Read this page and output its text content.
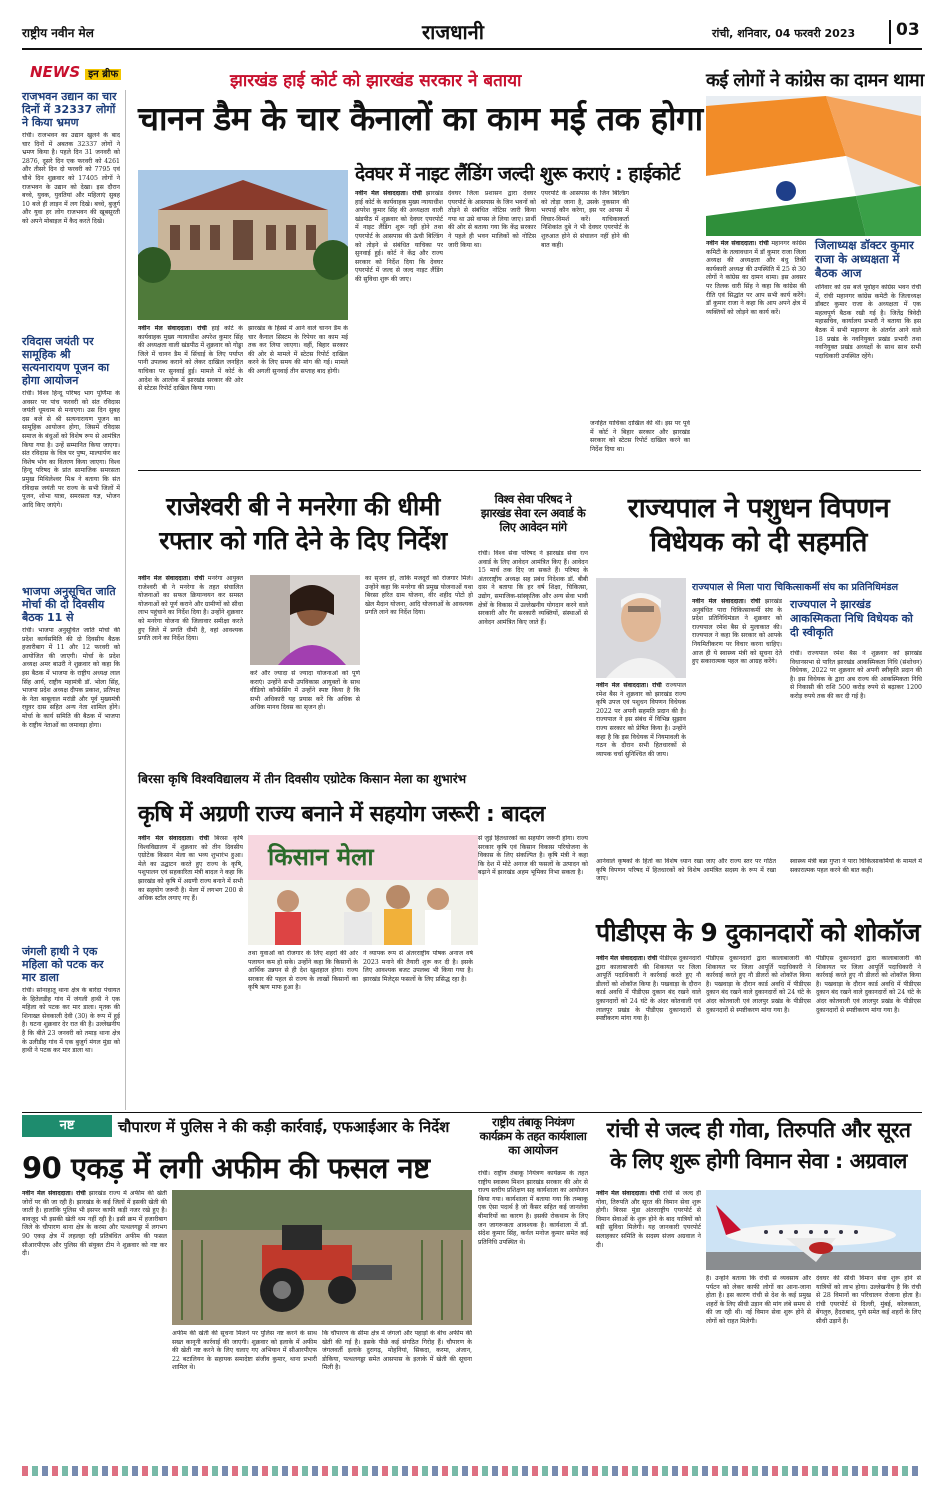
राष्ट्रीय नवीन मेल	राजधानी	रांची, शनिवार, 04 फरवरी 2023 03
NEWS इन ब्रीफ
राजभवन उद्यान का चार दिनों में 32337 लोगों ने किया भ्रमण
रांची। राजभवन का उद्यान खुलने के बाद चार दिनों में अबतक 32337 लोगों ने भ्रमण किया है। पहले दिन 31 जनवरी को 2876, दूसरे दिन एक फरवरी को 4261 और तीसरे दिन दो फरवरी को 7795 एवं चौथे दिन शुक्रवार को 17405 लोगों ने राजभवन के उद्यान को देखा। इस दौरान बच्चे, युवक, युवतियां और महिलाएं सुबह 10 बजे ही लाइन में लग दिखे। बच्चे, बुजुर्ग और युवा हर लोग राजभवन की खूबसूरती को अपने मोबाइल में कैद करते दिखे।
रविदास जयंती पर सामूहिक श्री सत्यनारायण पूजन का होगा आयोजन
रांची। विश्व हिन्दू परिषद भाग पूर्णिमा के अवसर पर पांच फरवरी को संत रविदास जयंती धूमधाम से मनाएगा। उस दिन सुबह दस बजे से श्री सत्यनारायण पूजन का सामूहिक आयोजन होगा, जिसमें रविदास समाज के बंधुओं को विशेष रूप से आमंत्रित किया गया है। उन्हें सम्मानित किया जाएगा। संत रविदास के चित्र पर पुष्प, माल्यार्पण कर विशेष भोग का वितरण किया जाएगा। विश्व हिन्दू परिषद के प्रांत सामाजिक समरसता प्रमुख मिथिलेश्वर मिश्र ने बताया कि संत रविदास जयंती पर राज्य के सभी जिलों में पूजन, शोभा यात्रा, समरसता यज्ञ, भोजन आदि किए जाएंगे।
भाजपा अनुसूचित जाति मोर्चा की दो दिवसीय बैठक 11 से
रांची। भाजपा अनुसूचित जाति मोर्चा की प्रदेश कार्यसमिति की दो दिवसीय बैठक हजारीबाग में 11 और 12 फरवरी को आयोजित की जाएगी। मोर्चा के प्रदेश अध्यक्ष अमर बाउरी ने शुक्रवार को कहा कि इस बैठक में भाजपा के राष्ट्रीय अध्यक्ष लाल सिंह आर्य, राष्ट्रीय महामंत्री डॉ. भोला सिंह, भाजपा प्रदेश अध्यक्ष दीपक प्रकाश, प्रतिपक्ष के नेता बाबूलाल मरांडी और पूर्व मुख्यमंत्री रघुवर दास सहित अन्य नेता शामिल होंगे। मोर्चा के कार्य समिति की बैठक में भाजपा के राष्ट्रीय नेताओं का जमावड़ा होगा।
जंगली हाथी ने एक महिला को पटक कर मार डाला
रांची। सोनाहातू थाना क्षेत्र के बारेंदा पंचायत के हितेलडीह गांव में जंगली हाथी ने एक महिला को पटक कर मार डाला। मृतक की शिनाख्त सेवकाली देवी (30) के रूप में हुई है। घटना शुक्रवार देर रात की है। उल्लेखनीय है कि बीते 23 जनवरी को तमाड़ थाना क्षेत्र के उलीडीह गांव में एक बुजुर्ग मंगल मुंडा को हाथी ने पटक कर मार डाला था।
झारखंड हाई कोर्ट को झारखंड सरकार ने बताया
चानन डैम के चार कैनालों का काम मई तक होगा
नवीन मेल संवाददाता। रांची हाई कोर्ट के कार्यवाहक मुख्य न्यायाधीश अपरेश कुमार सिंह की अध्यक्षता वाली खंडपीठ में शुक्रवार को गोड्डा जिले में चानन डैम में सिंचाई के लिए पर्याप्त पानी उपलब्ध कराने को लेकर दाखिल जनहित याचिका पर सुनवाई हुई। मामले में कोर्ट के आदेश के आलोक में झारखंड सरकार की ओर से स्टेटस रिपोर्ट दाखिल किया गया।
झारखंड के हिस्से में आने वाले चानन डैम के चार कैनाल सिस्टम के रिपेयर का काम मई तक कर लिया जाएगा। वहीं, बिहार सरकार की ओर से मामले में स्टेटस रिपोर्ट दाखिल करने के लिए समय की मांग की गई। मामले की अगली सुनवाई तीन सप्ताह बाद होगी।
देवघर में नाइट लैंडिंग जल्दी शुरू कराएं : हाईकोर्ट
नवीन मेल संवाददाता। रांची झारखंड हाई कोर्ट के कार्यवाहक मुख्य न्यायाधीश अपरेश कुमार सिंह की अध्यक्षता वाली खंडपीठ में शुक्रवार को देवघर एयरपोर्ट में नाइट लैंडिंग शुरू नहीं होने तथा एयरपोर्ट के आसपास की ऊंची बिल्डिंग को तोड़ने से संबंधित याचिका पर सुनवाई हुई। कोर्ट ने केंद्र और राज्य सरकार को निर्देश दिया कि देवघर एयरपोर्ट में जल्द से जल्द नाइट लैंडिंग की सुविधा शुरू की जाए।
देवघर जिला प्रशासन द्वारा देवघर एयरपोर्ट के आसपास के जिन भवनों को तोड़ने से संबंधित नोटिस जारी किया गया था उसे वापस ले लिया जाए। प्रार्थी की ओर से बताया गया कि केंद्र सरकार ने पहले ही भवन मालिकों को नोटिस जारी किया था।
एयरपोर्ट के आसपास के जिन बिल्डिंग को तोड़ा जाना है, उसके नुकसान की भरपाई कौन करेगा, इस पर आपस में विचार-विमर्श करें। याचिकाकर्ता निशिकांत दुबे ने भी देवघर एयरपोर्ट के शुरुआत होने से संचालन नहीं होने की बात कही।
जनहित याचिका दाखिल की थी। इस पर पूर्व में कोर्ट ने बिहार सरकार और झारखंड सरकार को स्टेटस रिपोर्ट दाखिल करने का निर्देश दिया था।
कई लोगों ने कांग्रेस का दामन थामा
नवीन मेल संवाददाता। रांची महानगर कांग्रेस कमिटी के तत्वावधान में डॉ कुमार राजा जिला अध्यक्ष की अध्यक्षता और बंधु तिर्की कार्यकारी अध्यक्ष की उपस्थिति में 25 से 30 लोगों ने कांग्रेस का दामन थामा। इस अवसर पर तिलक धारी सिंह ने कहा कि कांग्रेस की रीति एवं सिद्धांत पर आप सभी कार्य करेंगे। डॉ कुमार राजा ने कहा कि आप अपने क्षेत्र में व्यक्तियों को जोड़ने का कार्य करें।
जिलाध्यक्ष डॉक्टर कुमार राजा के अध्यक्षता में बैठक आज
शनिवार को दस बजे पूर्वाहन कांग्रेस भवन रांची में, रांची महानगर कांग्रेस कमेटी के जिलाध्यक्ष डॉक्टर कुमार राजा के अध्यक्षता में एक महत्वपूर्ण बैठक रखी गई है। जितेंद्र त्रिवेदी महासचिव, कार्यालय प्रभारी ने बताया कि इस बैठक में सभी महानगर के अंतर्गत आने वाले 18 प्रखंड के नवनियुक्त प्रखंड प्रभारी तथा नवनियुक्त प्रखंड अध्यक्षों के साथ साथ सभी पदाधिकारी उपस्थित रहेंगे।
राजेश्वरी बी ने मनरेगा की धीमी रफ्तार को गति देने के दिए निर्देश
नवीन मेल संवाददाता। रांची मनरेगा आयुक्त राजेश्वरी बी ने मनरेगा के तहत संचालित योजनाओं का सफल क्रियान्वयन कर समस्त योजनाओं को पूर्ण कराने और ग्रामीणों को सीधा लाभ पहुंचाने का निर्देश दिया है। उन्होंने शुक्रवार को मनरेगा योजना की जिलावार समीक्षा करते हुए जिले में प्रगति धीमी है, वहां आवश्यक प्रगति लाने का निर्देश दिया।
करें और ज्यादा से ज्यादा योजनाओं को पूर्ण कराएं। उन्होंने सभी उपविकास आयुक्तों के साथ वीडियो कॉन्फ्रेंसिंग में उन्होंने स्पष्ट किया है कि सभी अधिकारी यह प्रयास करें कि अधिक से अधिक मानव दिवस का सृजन हो।
का सृजन हो, ताकि मजदूरों को रोजगार मिले। उन्होंने कहा कि मनरेगा की प्रमुख योजनाओं यथा बिरसा हरित ग्राम योजना, वीर शहीद पोटो हो खेल मैदान योजना, आदि योजनाओं के आवश्यक प्रगति लाने का निर्देश दिया।
विश्व सेवा परिषद ने झारखंड सेवा रत्न अवार्ड के लिए आवेदन मांगे
रांची। विश्व सेवा परिषद ने झारखंड सेवा रत्न अवार्ड के लिए आवेदन आमंत्रित किए हैं। आवेदन 15 मार्च तक दिए जा सकते हैं। परिषद के अंतरराष्ट्रीय अध्यक्ष सह प्रबंध निदेशक डॉ. बीबी दास ने बताया कि हर वर्ष शिक्षा, चिकित्सा, उद्योग, समाजिक-सांस्कृतिक और अन्य सेवा भावी क्षेत्रों के विकास में उल्लेखनीय योगदान करने वाले सरकारी और गैर सरकारी व्यक्तियों, संस्थाओं से आवेदन आमंत्रित किए जाते हैं।
राज्यपाल ने पशुधन विपणन विधेयक को दी सहमति
नवीन मेल संवाददाता। रांची राज्यपाल रमेश बैस ने शुक्रवार को झारखंड राज्य कृषि उपज एवं पशुधन विपणन विधेयक 2022 पर अपनी सहमति प्रदान की है। राज्यपाल ने इस संबंध में विभिन्न सुझाव राज्य सरकार को प्रेषित किया है। उन्होंने कहा है कि इस विधेयक में नियमावली के गठन के दौरान सभी हितधारकों से व्यापक चर्चा सुनिश्चित की जाय।
आनेवाले कृषकों के हितों का विशेष ध्यान रखा जाए और राज्य स्तर पर गठित कृषि विपणन परिषद में हितधारकों को विशेष आमंत्रित सदस्य के रूप में रखा जाए।
राज्यपाल से मिला पारा चिकित्साकर्मी संघ का प्रतिनिधिमंडल
नवीन मेल संवाददाता। रांची झारखंड अनुबंधित पारा चिकित्साकर्मी संघ के प्रदेश प्रतिनिधिमंडल ने शुक्रवार को राज्यपाल रमेश बैस से मुलाकात की। राज्यपाल ने कहा कि सरकार को आपके नियमितीकरण पर विचार करना चाहिए। आज ही ये स्वास्थ्य मंत्री को सूचना देते हुए सकारात्मक पहल का आग्रह करेंगे।
राज्यपाल ने झारखंड आकस्मिकता निधि विधेयक को दी स्वीकृति
रांची। राज्यपाल रमेश बैस ने शुक्रवार को झारखंड विधानसभा से पारित झारखंड आकस्मिकता निधि (संशोधन) विधेयक, 2022 पर शुक्रवार को अपनी स्वीकृति प्रदान की है। इस विधेयक के द्वारा अब राज्य की आकस्मिकता निधि से निकासी की राशि 500 करोड़ रुपये से बढ़ाकर 1200 करोड़ रुपये तक की कर दी गई है।
स्वास्थ्य मंत्री बन्ना गुप्ता ने पारा चिकित्साकर्मियों के मामले में सकारात्मक पहल करने की बात कही।
बिरसा कृषि विश्वविद्यालय में तीन दिवसीय एग्रोटेक किसान मेला का शुभारंभ
कृषि में अग्रणी राज्य बनाने में सहयोग जरूरी : बादल
नवीन मेल संवाददाता। रांची बिरसा कृषि विश्वविद्यालय में शुक्रवार को तीन दिवसीय एग्रोटेक किसान मेला का भव्य शुभारंभ हुआ। मेले का उद्घाटन करते हुए राज्य के कृषि, पशुपालन एवं सहकारिता मंत्री बादल ने कहा कि झारखंड को कृषि में अग्रणी राज्य बनाने में सभी का सहयोग जरूरी है। मेला में लगभग 200 से अधिक स्टॉल लगाए गए हैं।
किसान मेला
तथा युवाओं को रोजगार के लिए शहरों की ओर पलायन कम हो सके। उन्होंने कहा कि किसानों के आर्थिक उन्नयन से ही देश खुशहाल होगा। राज्य सरकार की पहल से राज्य के लाखों किसानों का कृषि ऋण माफ हुआ है।
ने व्यापक रूप से अंतरराष्ट्रीय पोषक अनाज वर्ष 2023 मनाने की तैयारी शुरू कर दी है। इसके लिए आवश्यक बजट उपलब्ध भी किया गया है। झारखंड मिलेट्स फसलों के लिए प्रसिद्ध रहा है।
से जुड़े हितधारकों का सहयोग जरूरी होगा। राज्य सरकार कृषि एवं किसान विकास परियोजना के विकास के लिए संकल्पित है। कृषि मंत्री ने कहा कि देश में मोटे अनाज की फसलों के उत्पादन को बढ़ाने में झारखंड अहम भूमिका निभा सकता है।
पीडीएस के 9 दुकानदारों को शोकॉज
नवीन मेल संवाददाता। रांची पीडीएस दुकानदारों द्वारा कालाबाजारी की शिकायत पर जिला आपूर्ति पदाधिकारी ने कार्रवाई करते हुए नौ डीलरों को शोकॉज किया है। पखवाड़ा के दौरान कार्ड अवधि में पीडीएस दुकान बंद रखने वाले दुकानदारों को 24 घंटे के अंदर कोतवाली एवं लालपुर प्रखंड के पीडीएस दुकानदारों से स्पष्टीकरण मांगा गया है।
पीडीएस दुकानदारों द्वारा कालाबाजारी की शिकायत पर जिला आपूर्ति पदाधिकारी ने कार्रवाई करते हुए नौ डीलरों को शोकॉज किया है। पखवाड़ा के दौरान कार्ड अवधि में पीडीएस दुकान बंद रखने वाले दुकानदारों को 24 घंटे के अंदर कोतवाली एवं लालपुर प्रखंड के पीडीएस दुकानदारों से स्पष्टीकरण मांगा गया है।
पीडीएस दुकानदारों द्वारा कालाबाजारी की शिकायत पर जिला आपूर्ति पदाधिकारी ने कार्रवाई करते हुए नौ डीलरों को शोकॉज किया है। पखवाड़ा के दौरान कार्ड अवधि में पीडीएस दुकान बंद रखने वाले दुकानदारों को 24 घंटे के अंदर कोतवाली एवं लालपुर प्रखंड के पीडीएस दुकानदारों से स्पष्टीकरण मांगा गया है।
नष्ट	चौपारण में पुलिस ने की कड़ी कार्रवाई, एफआईआर के निर्देश
90 एकड़ में लगी अफीम की फसल नष्ट
नवीन मेल संवाददाता। रांची झारखंड राज्य में अफीम की खेती जोरों पर की जा रही है। झारखंड के कई जिलों में इसकी खेती की जाती है। हालांकि पुलिस भी इसपर काफी कड़ी नजर रखे हुए है। बावजूद भी इसकी खेती थम नहीं रही है। इसी क्रम में हजारीबाग जिले के चौपारण थाना क्षेत्र के करमा और पत्थलगड्डा में लगभग 90 एकड़ क्षेत्र में लहलहा रही प्रतिबंधित अफीम की फसल सीआरपीएफ और पुलिस की संयुक्त टीम ने शुक्रवार को नष्ट कर दी।
अफीम की खेती की सूचना मिलने पर पुलिस नष्ट करने के साथ सख्त कानूनी कार्रवाई की जाएगी। शुक्रवार को इलाके में अफीम की खेती नष्ट करने के लिए चलाए गए अभियान में सीआरपीएफ 22 बटालियन के सहायक समादेष्टा संजीव कुमार, थाना प्रभारी शामिल थे।
कि चौपारण के सीमा क्षेत्र में जंगलों और पहाड़ों के बीच अफीम की खेती की गई है। इसके पीछे कई संगठित गिरोह हैं। चौपारण के जंगलवर्ती इलाके दुरागढ़, मोहनियां, सिकदा, करमा, अंजान, डोकिया, पत्थलगड्डा समेत आसपास के इलाके में खेती की सूचना मिली है।
राष्ट्रीय तंबाकू नियंत्रण कार्यक्रम के तहत कार्यशाला का आयोजन
रांची। राष्ट्रीय तंबाकू नियंत्रण कार्यक्रम के तहत राष्ट्रीय स्वास्थ्य मिशन झारखंड सरकार की ओर से राज्य स्तरीय प्रशिक्षण सह कार्यशाला का आयोजन किया गया। कार्यशाला में बताया गया कि तम्बाकू एक ऐसा पदार्थ है जो कैंसर सहित कई जानलेवा बीमारियों का कारण है। इसकी रोकथाम के लिए जन जागरूकता आवश्यक है। कार्यशाला में डॉ. संदेश कुमार सिंह, कर्नल मनोज कुमार समेत कई प्रतिनिधि उपस्थित थे।
रांची से जल्द ही गोवा, तिरुपति और सूरत के लिए शुरू होगी विमान सेवा : अग्रवाल
नवीन मेल संवाददाता। रांची रांची से जल्द ही गोवा, तिरुपति और सूरत की विमान सेवा शुरू होगी। बिरसा मुंडा अंतरराष्ट्रीय एयरपोर्ट से विमान सेवाओं के शुरू होने के बाद यात्रियों को बड़ी सुविधा मिलेगी। यह जानकारी एयरपोर्ट सलाहकार समिति के सदस्य संजय अग्रवाल ने दी।
है। उन्होंने बताया कि रांची से व्यवसाय और पर्यटन को लेकर काफी लोगों का आना-जाना होता है। इस कारण रांची से देश के कई प्रमुख शहरों के लिए सीधी उड़ान की मांग लंबे समय से की जा रही थी। नई विमान सेवा शुरू होने से लोगों को राहत मिलेगी।
देवघर की सीधी विमान सेवा शुरू होने से यात्रियों को लाभ होगा। उल्लेखनीय है कि रांची से 28 विमानों का परिचालन रोजाना होता है। रांची एयरपोर्ट से दिल्ली, मुंबई, कोलकाता, बेंगलुरु, हैदराबाद, पुणे समेत कई शहरों के लिए सीधी उड़ानें हैं।
